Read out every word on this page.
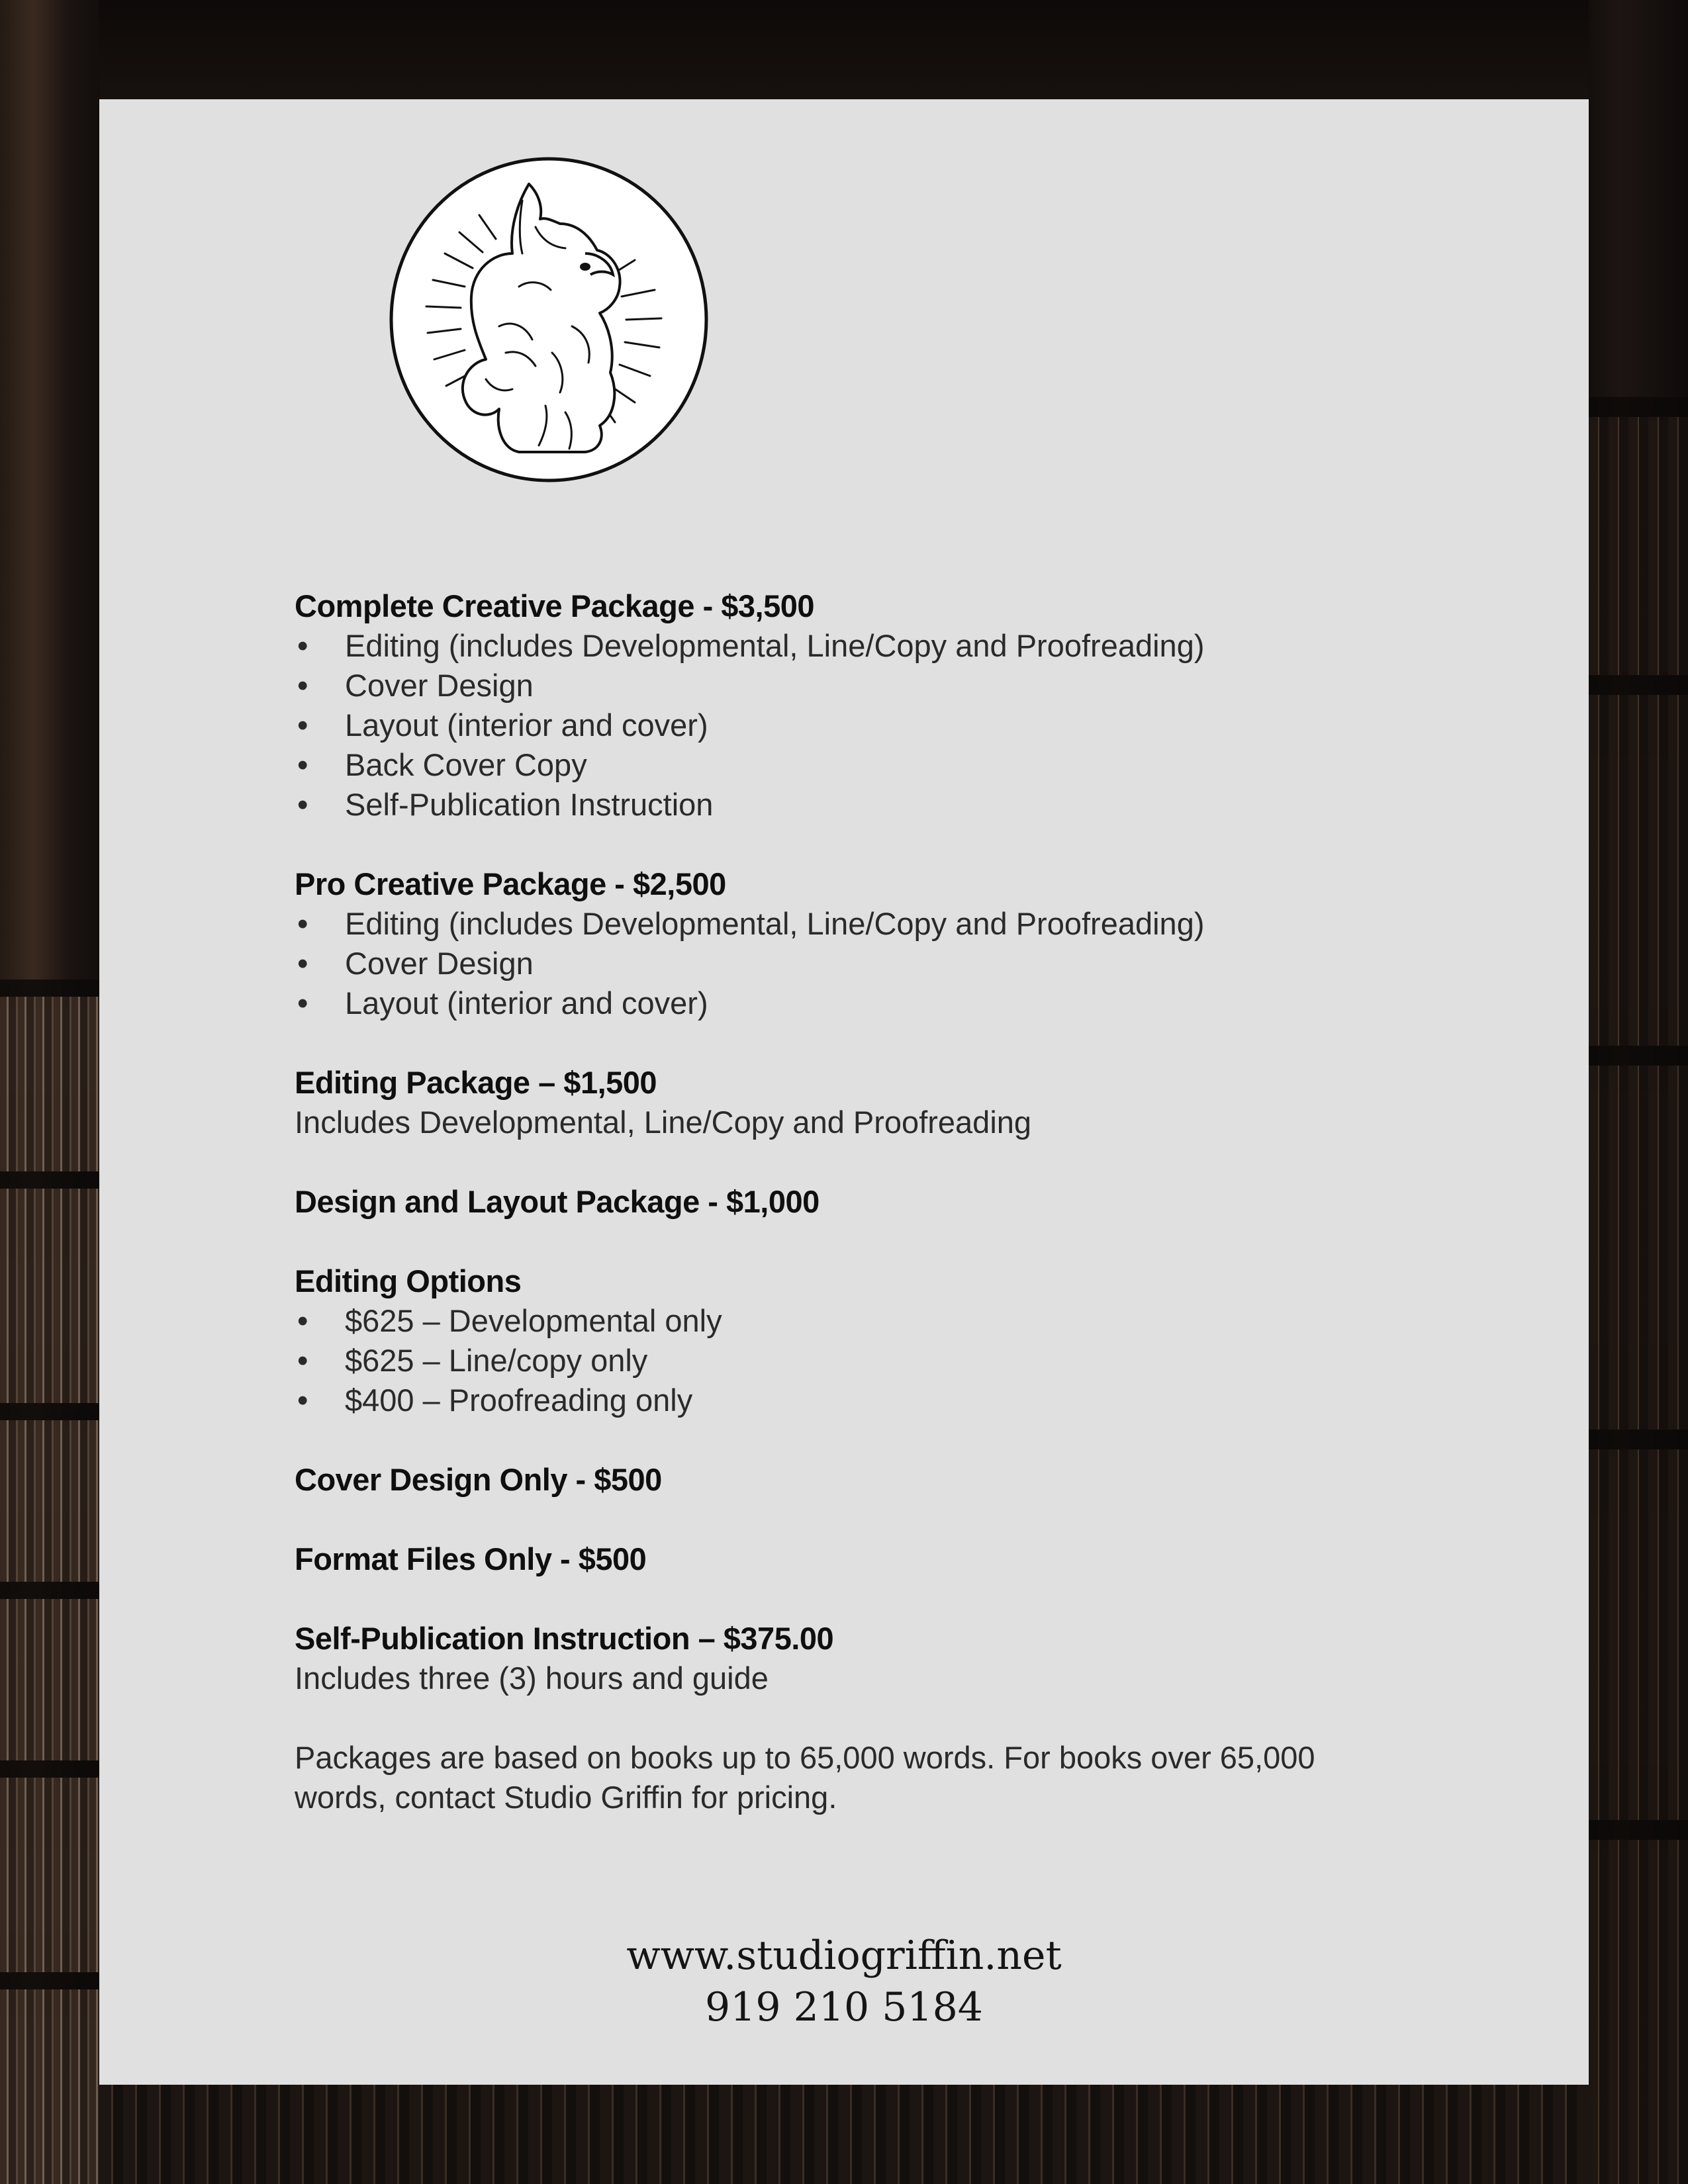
Complete Creative Package - $3,500
• Editing (includes Developmental, Line/Copy and Proofreading)
• Cover Design
• Layout (interior and cover)
• Back Cover Copy
• Self-Publication Instruction
Pro Creative Package - $2,500
• Editing (includes Developmental, Line/Copy and Proofreading)
• Cover Design
• Layout (interior and cover)
Editing Package – $1,500
Includes Developmental, Line/Copy and Proofreading
Design and Layout Package - $1,000
Editing Options
• $625 – Developmental only
• $625 – Line/copy only
• $400 – Proofreading only
Cover Design Only - $500
Format Files Only - $500
Self-Publication Instruction – $375.00
Includes three (3) hours and guide
Packages are based on books up to 65,000 words. For books over 65,000 words, contact Studio Griffin for pricing.
www.studiogriffin.net
919 210 5184
